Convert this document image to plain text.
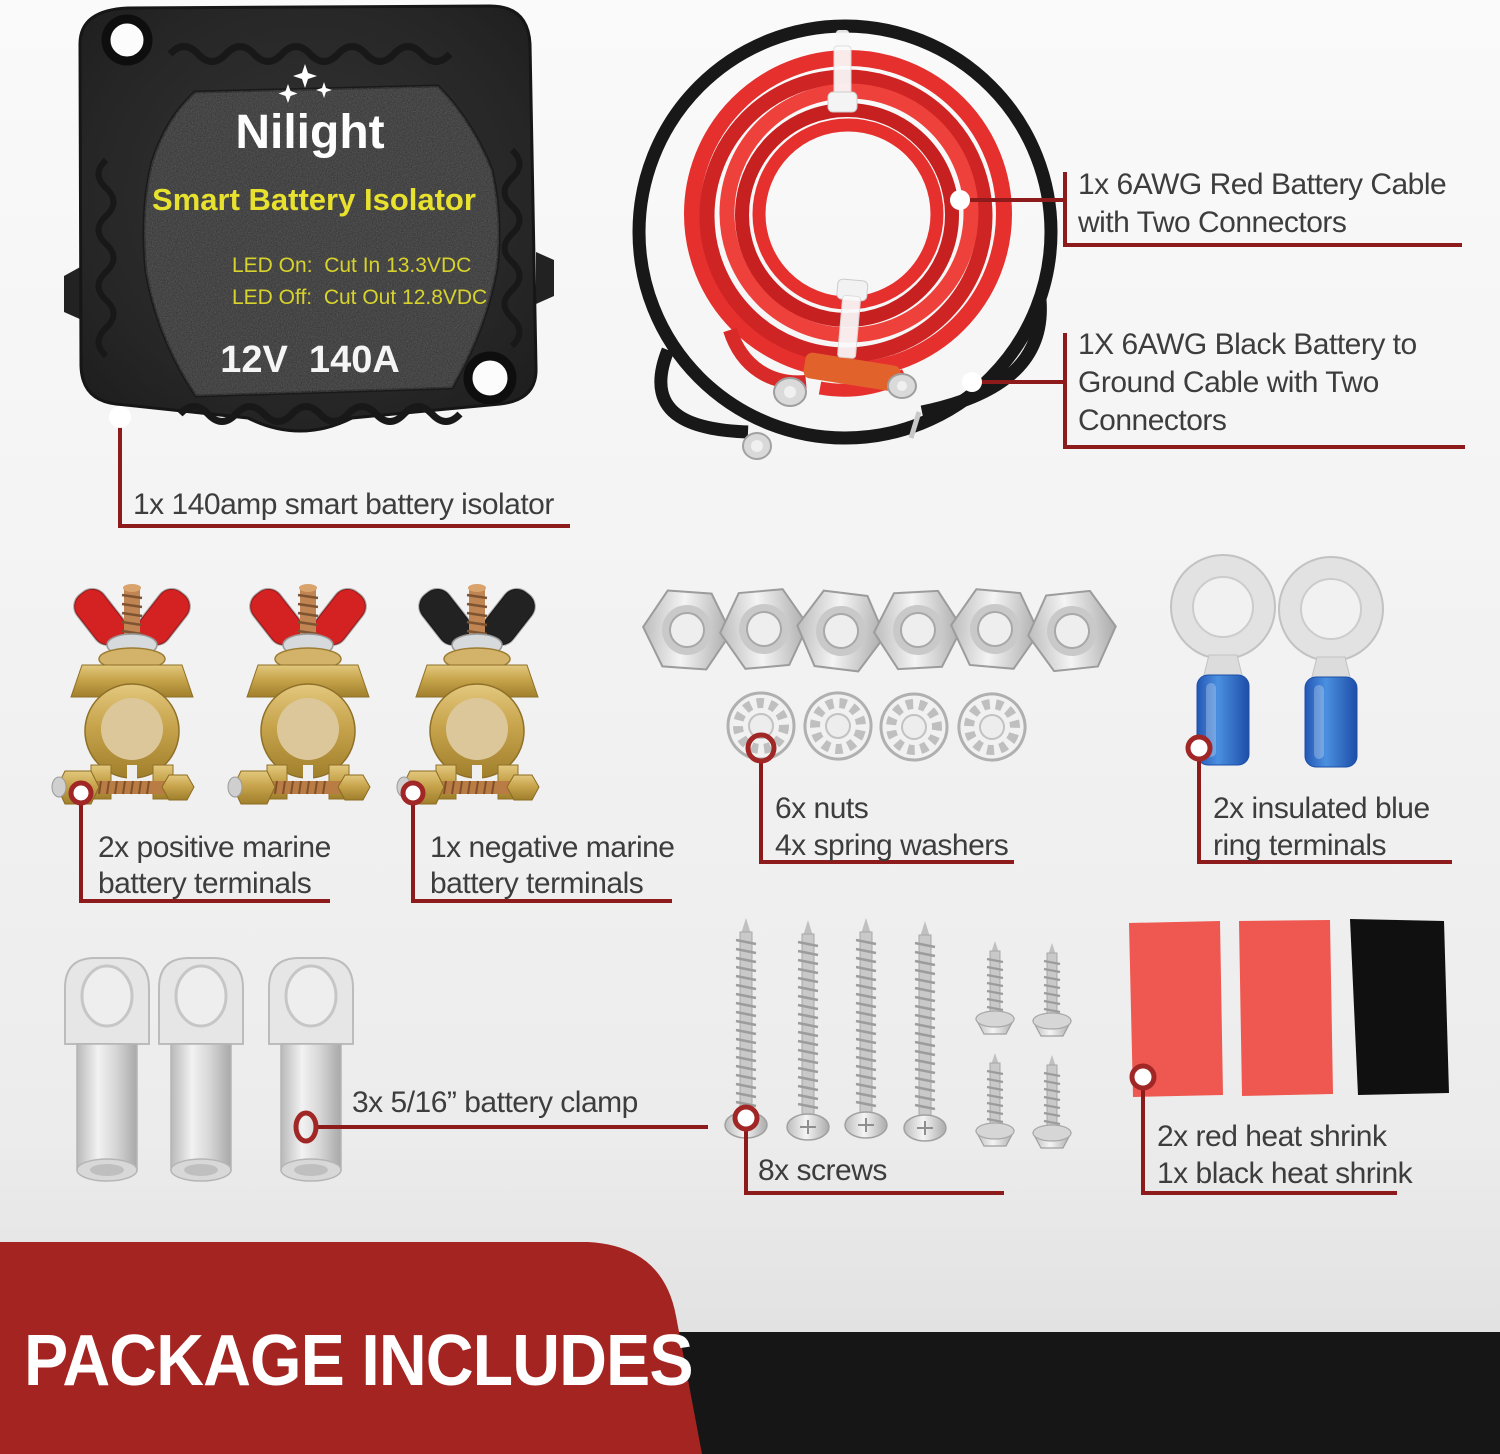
Nilight
Smart Battery Isolator
LED On:  Cut In 13.3VDC
LED Off:  Cut Out 12.8VDC
12V  140A
1x 140amp smart battery isolator
1x 6AWG Red Battery Cable
with Two Connectors
1X 6AWG Black Battery to
Ground Cable with Two
Connectors
2x positive marine
battery terminals
1x negative marine
battery terminals
6x nuts
4x spring washers
2x insulated blue
ring terminals
3x 5/16” battery clamp
8x screws
2x red heat shrink
1x black heat shrink
PACKAGE INCLUDES
